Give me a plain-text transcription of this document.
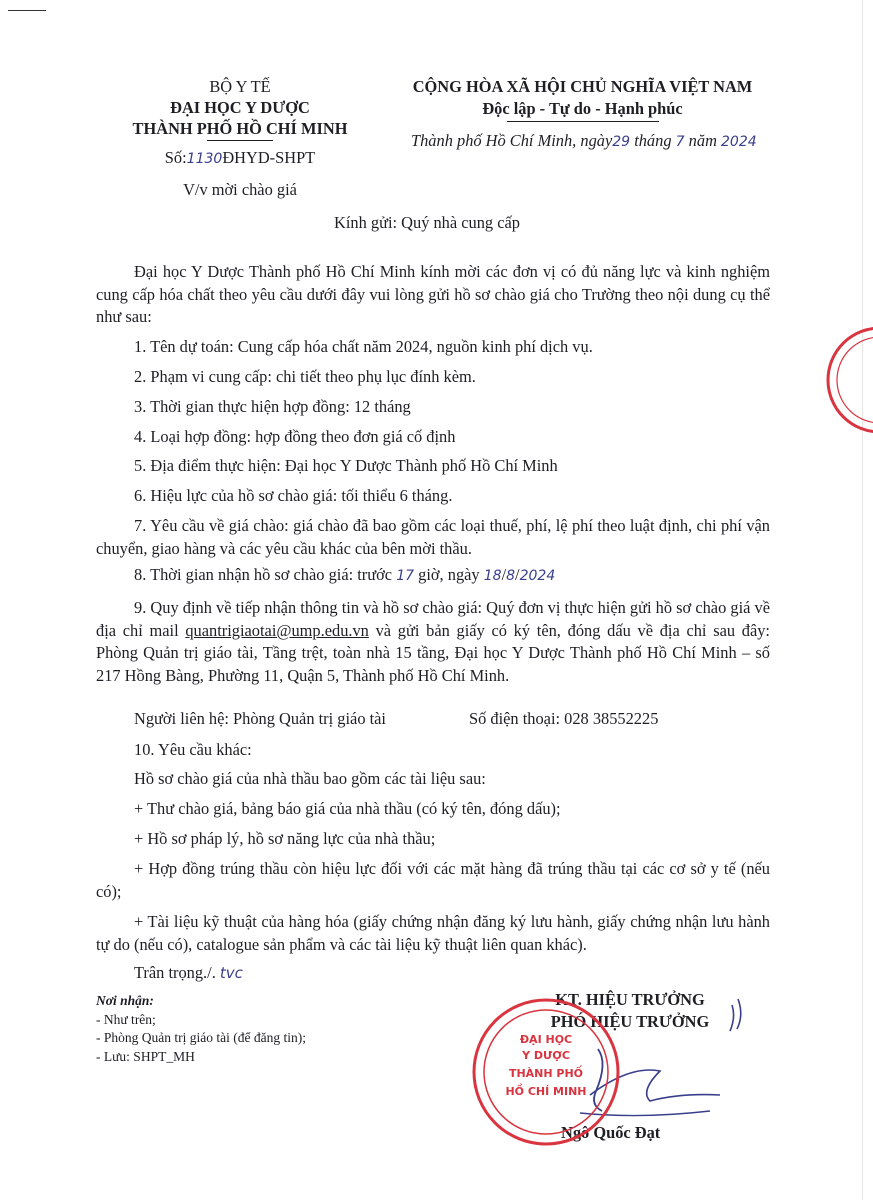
BỘ Y TẾ
ĐẠI HỌC Y DƯỢC
THÀNH PHỐ HỒ CHÍ MINH
Số:1130ĐHYD-SHPT
V/v mời chào giá
CỘNG HÒA XÃ HỘI CHỦ NGHĨA VIỆT NAM
Độc lập - Tự do - Hạnh phúc
Thành phố Hồ Chí Minh, ngày29 tháng 7 năm 2024
Kính gửi: Quý nhà cung cấp
Đại học Y Dược Thành phố Hồ Chí Minh kính mời các đơn vị có đủ năng lực và kinh nghiệm cung cấp hóa chất theo yêu cầu dưới đây vui lòng gửi hồ sơ chào giá cho Trường theo nội dung cụ thể như sau:
1. Tên dự toán: Cung cấp hóa chất năm 2024, nguồn kinh phí dịch vụ.
2. Phạm vi cung cấp: chi tiết theo phụ lục đính kèm.
3. Thời gian thực hiện hợp đồng: 12 tháng
4. Loại hợp đồng: hợp đồng theo đơn giá cố định
5. Địa điểm thực hiện: Đại học Y Dược Thành phố Hồ Chí Minh
6. Hiệu lực của hồ sơ chào giá: tối thiểu 6 tháng.
7. Yêu cầu về giá chào: giá chào đã bao gồm các loại thuế, phí, lệ phí theo luật định, chi phí vận chuyển, giao hàng và các yêu cầu khác của bên mời thầu.
8. Thời gian nhận hồ sơ chào giá: trước 17 giờ, ngày 18/8/2024
9. Quy định về tiếp nhận thông tin và hồ sơ chào giá: Quý đơn vị thực hiện gửi hồ sơ chào giá về địa chỉ mail quantrigiaotai@ump.edu.vn và gửi bản giấy có ký tên, đóng dấu về địa chỉ sau đây: Phòng Quản trị giáo tài, Tầng trệt, toàn nhà 15 tầng, Đại học Y Dược Thành phố Hồ Chí Minh – số 217 Hồng Bàng, Phường 11, Quận 5, Thành phố Hồ Chí Minh.
Người liên hệ: Phòng Quản trị giáo tài	Số điện thoại: 028 38552225
10. Yêu cầu khác:
Hồ sơ chào giá của nhà thầu bao gồm các tài liệu sau:
+ Thư chào giá, bảng báo giá của nhà thầu (có ký tên, đóng dấu);
+ Hồ sơ pháp lý, hồ sơ năng lực của nhà thầu;
+ Hợp đồng trúng thầu còn hiệu lực đối với các mặt hàng đã trúng thầu tại các cơ sở y tế (nếu có);
+ Tài liệu kỹ thuật của hàng hóa (giấy chứng nhận đăng ký lưu hành, giấy chứng nhận lưu hành tự do (nếu có), catalogue sản phẩm và các tài liệu kỹ thuật liên quan khác).
Trân trọng./. tvc
Nơi nhận:
- Như trên;
- Phòng Quản trị giáo tài (để đăng tin);
- Lưu: SHPT_MH
KT. HIỆU TRƯỞNG
PHÓ HIỆU TRƯỞNG
Ngô Quốc Đạt
ĐẠI HỌC
Y DƯỢC
THÀNH PHỐ
HỒ CHÍ MINH
